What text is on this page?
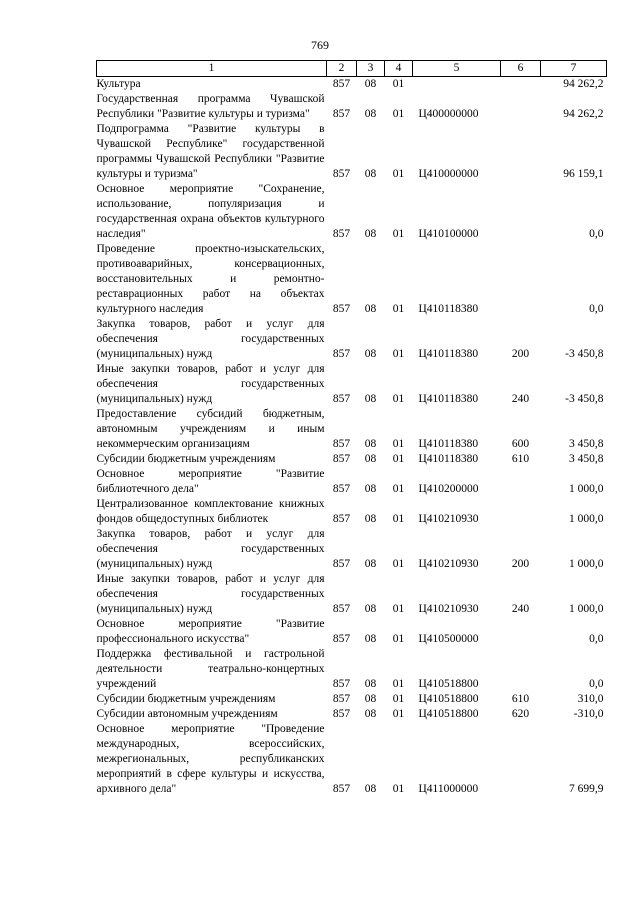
769
1	2	3	4	5	6	7
Культура	857	08	01			94 262,2
Государственная программа Чувашской Республики "Развитие культуры и туризма"	857	08	01	Ц400000000		94 262,2
Подпрограмма "Развитие культуры в Чувашской Республике" государственной программы Чувашской Республики "Развитие культуры и туризма"	857	08	01	Ц410000000		96 159,1
Основное мероприятие "Сохранение, использование, популяризация и государственная охрана объектов культурного наследия"	857	08	01	Ц410100000		0,0
Проведение проектно-изыскательских, противоаварийных, консервационных, восстановительных и ремонтно-реставрационных работ на объектах культурного наследия	857	08	01	Ц410118380		0,0
Закупка товаров, работ и услуг для обеспечения государственных (муниципальных) нужд	857	08	01	Ц410118380	200	-3 450,8
Иные закупки товаров, работ и услуг для обеспечения государственных (муниципальных) нужд	857	08	01	Ц410118380	240	-3 450,8
Предоставление субсидий бюджетным, автономным учреждениям и иным некоммерческим организациям	857	08	01	Ц410118380	600	3 450,8
Субсидии бюджетным учреждениям	857	08	01	Ц410118380	610	3 450,8
Основное мероприятие "Развитие библиотечного дела"	857	08	01	Ц410200000		1 000,0
Централизованное комплектование книжных фондов общедоступных библиотек	857	08	01	Ц410210930		1 000,0
Закупка товаров, работ и услуг для обеспечения государственных (муниципальных) нужд	857	08	01	Ц410210930	200	1 000,0
Иные закупки товаров, работ и услуг для обеспечения государственных (муниципальных) нужд	857	08	01	Ц410210930	240	1 000,0
Основное мероприятие "Развитие профессионального искусства"	857	08	01	Ц410500000		0,0
Поддержка фестивальной и гастрольной деятельности театрально-концертных учреждений	857	08	01	Ц410518800		0,0
Субсидии бюджетным учреждениям	857	08	01	Ц410518800	610	310,0
Субсидии автономным учреждениям	857	08	01	Ц410518800	620	-310,0
Основное мероприятие "Проведение международных, всероссийских, межрегиональных, республиканских мероприятий в сфере культуры и искусства, архивного дела"	857	08	01	Ц411000000		7 699,9
